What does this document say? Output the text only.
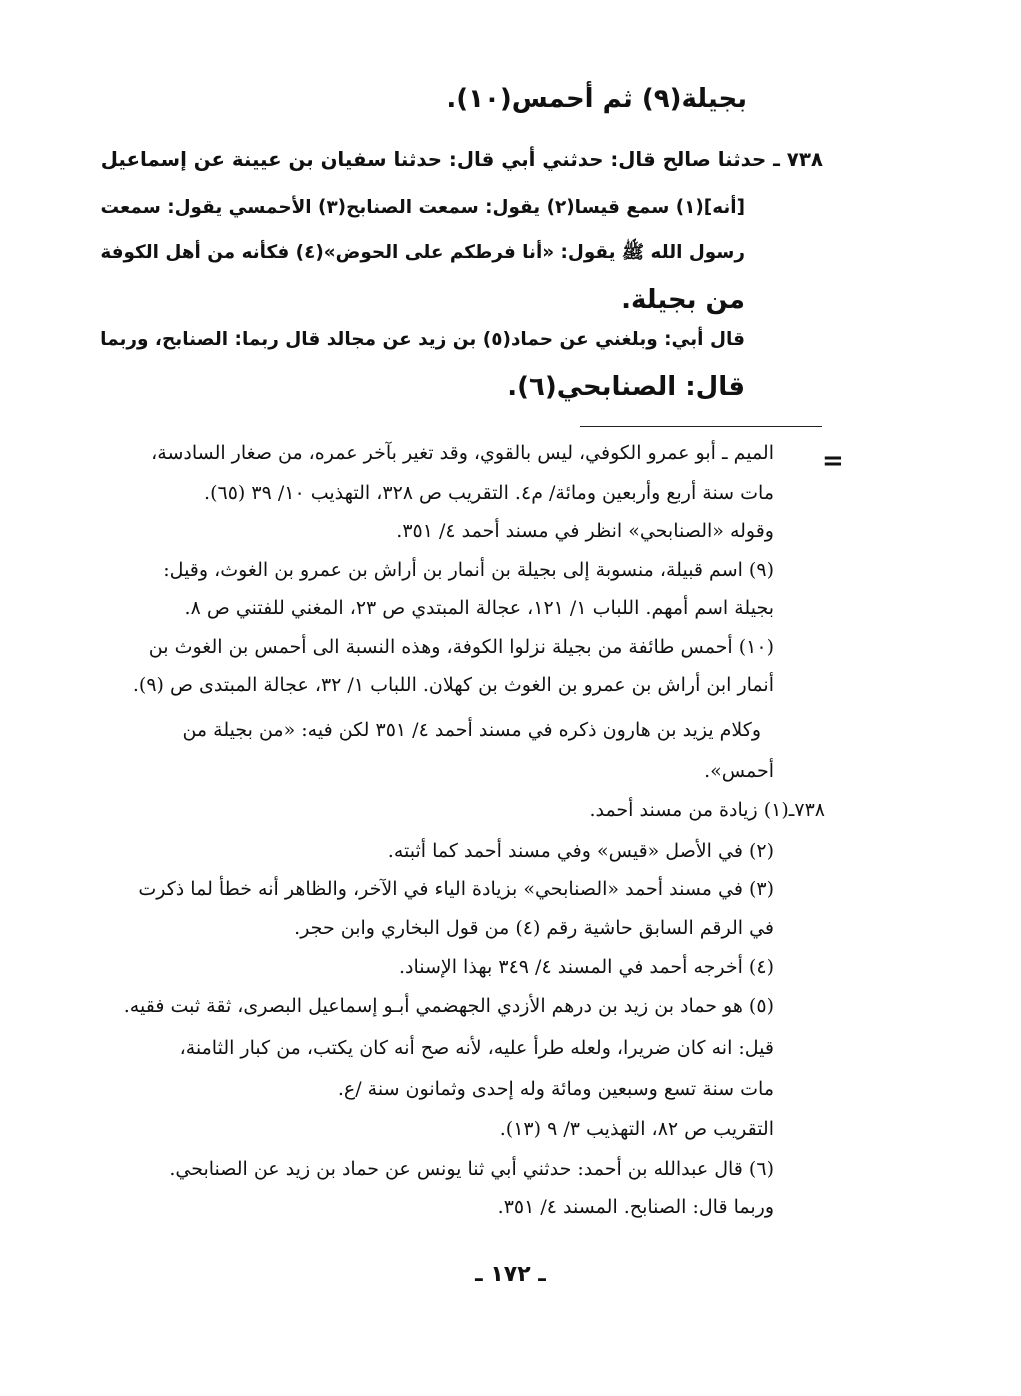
بجيلة(٩) ثم أحمس(١٠).
٧٣٨ ـ حدثنا صالح قال: حدثني أبي قال: حدثنا سفيان بن عيينة عن إسماعيل
[أنه](١) سمع قيسا(٢) يقول: سمعت الصنابح(٣) الأحمسي يقول: سمعت
رسول الله ﷺ يقول: «أنا فرطكم على الحوض»(٤) فكأنه من أهل الكوفة
من بجيلة.
قال أبي: وبلغني عن حماد(٥) بن زيد عن مجالد قال ربما: الصنابح، وربما
قال: الصنابحي(٦).
=
الميم ـ أبو عمرو الكوفي، ليس بالقوي، وقد تغير بآخر عمره، من صغار السادسة،
مات سنة أربع وأربعين ومائة/ م٤. التقريب ص ٣٢٨، التهذيب ١٠/ ٣٩ (٦٥).
وقوله «الصنابحي» انظر في مسند أحمد ٤/ ٣٥١.
(٩) اسم قبيلة، منسوبة إلى بجيلة بن أنمار بن أراش بن عمرو بن الغوث، وقيل:
بجيلة اسم أمهم. اللباب ١/ ١٢١، عجالة المبتدي ص ٢٣، المغني للفتني ص ٨.
(١٠) أحمس طائفة من بجيلة نزلوا الكوفة، وهذه النسبة الى أحمس بن الغوث بن
أنمار ابن أراش بن عمرو بن الغوث بن كهلان. اللباب ١/ ٣٢، عجالة المبتدى ص (٩).
وكلام يزيد بن هارون ذكره في مسند أحمد ٤/ ٣٥١ لكن فيه: «من بجيلة من
أحمس».
٧٣٨ـ(١) زيادة من مسند أحمد.
(٢) في الأصل «قيس» وفي مسند أحمد كما أثبته.
(٣) في مسند أحمد «الصنابحي» بزيادة الياء في الآخر، والظاهر أنه خطأ لما ذكرت
في الرقم السابق حاشية رقم (٤) من قول البخاري وابن حجر.
(٤) أخرجه أحمد في المسند ٤/ ٣٤٩ بهذا الإسناد.
(٥) هو حماد بن زيد بن درهم الأزدي الجهضمي أبـو إسماعيل البصرى، ثقة ثبت فقيه.
قيل: انه كان ضريرا، ولعله طرأ عليه، لأنه صح أنه كان يكتب، من كبار الثامنة،
مات سنة تسع وسبعين ومائة وله إحدى وثمانون سنة /ع.
التقريب ص ٨٢، التهذيب ٣/ ٩ (١٣).
(٦) قال عبدالله بن أحمد: حدثني أبي ثنا يونس عن حماد بن زيد عن الصنابحي.
وربما قال: الصنابح. المسند ٤/ ٣٥١.
ـ ١٧٢ ـ
